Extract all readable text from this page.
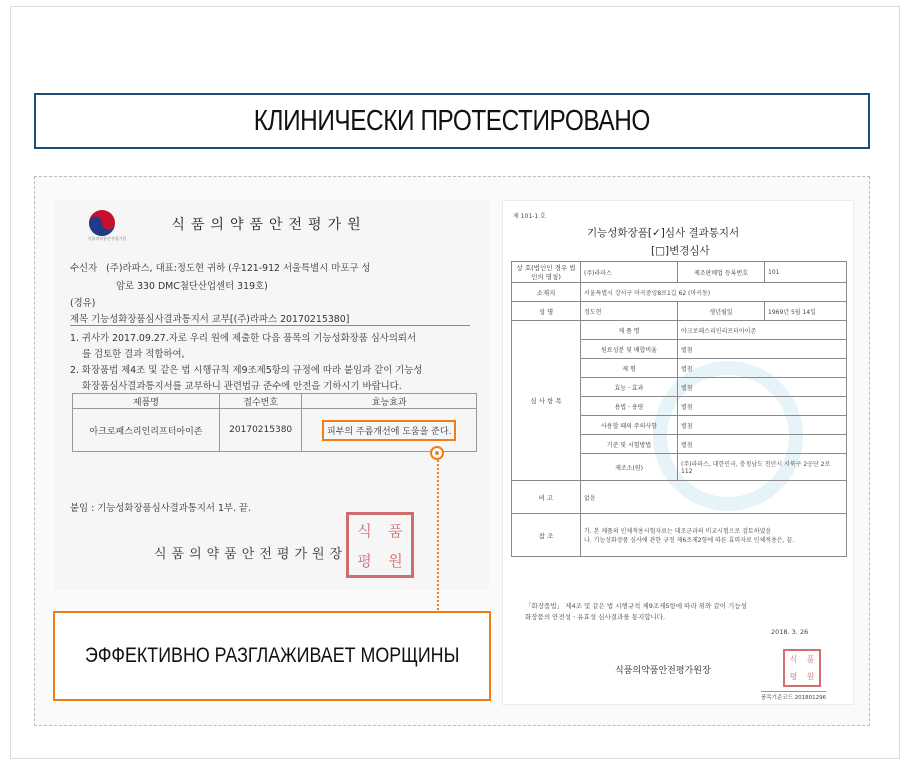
КЛИНИЧЕСКИ ПРОТЕСТИРОВАНО
식품의약품안전평가원
식품의약품안전평가원
수신자 (주)라파스, 대표:정도현 귀하 (우121-912 서울특별시 마포구 성
암로 330 DMC첨단산업센터 319호)
(경유)
제목 기능성화장품심사결과통지서 교부[(주)라파스 20170215380]
1. 귀사가 2017.09.27.자로 우리 원에 제출한 다음 품목의 기능성화장품 심사의뢰서
를 검토한 결과 적합하여,
2. 화장품법 제4조 및 같은 법 시행규칙 제9조제5항의 규정에 따라 붙임과 같이 기능성
화장품심사결과통지서를 교부하니 관련법규 준수에 안전을 기하시기 바랍니다.
제품명	접수번호	효능효과
아크로패스리인리프터아이존	20170215380	피부의 주름개선에 도움을 준다.
붙임 : 기능성화장품심사결과통지서 1부. 끝.
식품의약품안전평가원장
식 품
평 원
ЭФФЕКТИВНО РАЗГЛАЖИВАЕТ МОРЩИНЫ
제 101-1 호
기능성화장품[✓]심사 결과통지서
[□]변경심사
상 호(법인인 경우 법인의 명칭)	(주)라파스	제조판매업 등록번호	101
소재지	서울특별시 강서구 마곡중앙8로1길 62 (마곡동)		
성 명	정도현	생년월일	1969년 5월 14일
심 사 항 목	제 품 명	아크로패스리인리프터아이존	
	원료성분 및 배합비율	별첨	
	제 형	별첨	
	효능ㆍ효과	별첨	
	용법ㆍ용량	별첨	
	사용할 때의 주의사항	별첨	
	기준 및 시험방법	별첨	
	제조소(원)	(주)라파스, 대한민국, 충청남도 천안시 서북구 2공단 2로 112	
비 고	없음		
참 조	가. 본 제품의 인체적용시험자료는 대조군과의 비교시험으로 검토하였음
나. 기능성화장품 심사에 관한 규정 제6조제2항에 따른 효력자료 인체적용은, 끝.		
「화장품법」 제4조 및 같은 법 시행규칙 제9조제5항에 따라 위와 같이 기능성
화장품의 안전성ㆍ유효성 심사결과를 통지합니다.
2018. 3. 26
식품의약품안전평가원장
식 품
평 원
품목기준코드 201801296
